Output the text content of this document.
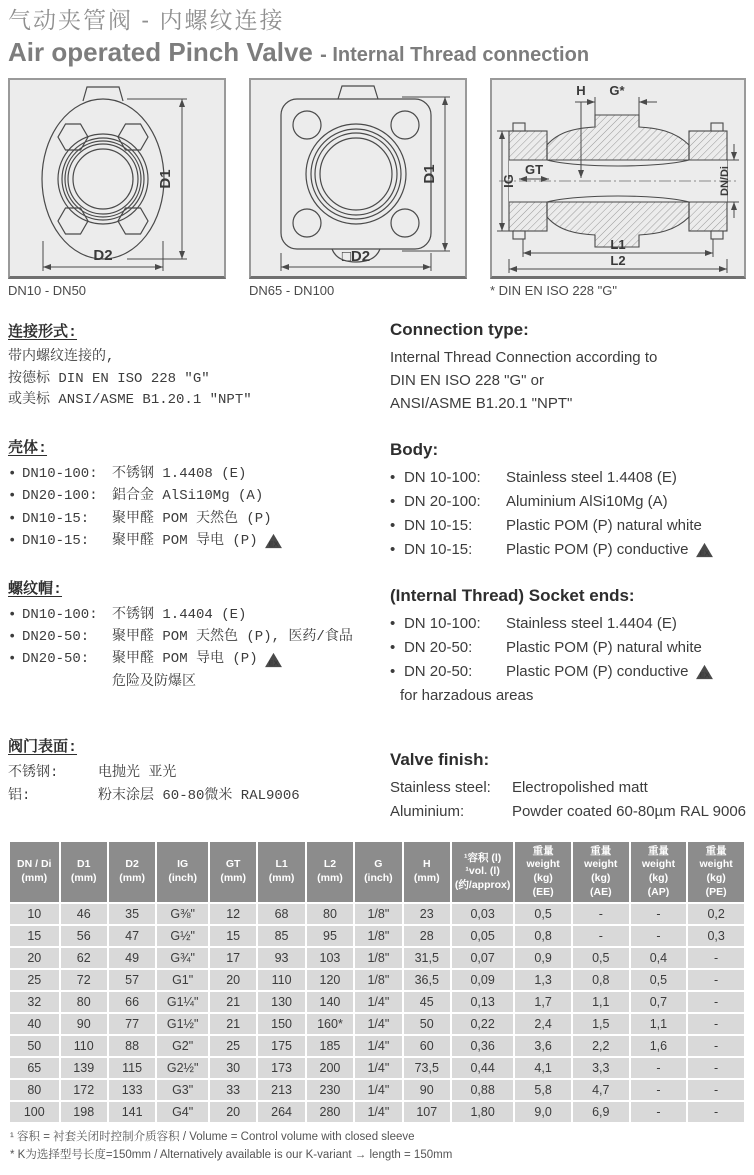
气动夹管阀 - 内螺纹连接
Air operated Pinch Valve - Internal Thread connection
D1
D2
DN10 - DN50
D1
□D2
DN65 - DN100
H G*
IG
GT	DN/Di
L1
L2
* DIN EN ISO 228 "G"
连接形式:
带内螺纹连接的,
按德标 DIN EN ISO 228 "G"
或美标 ANSI/ASME B1.20.1 "NPT"
壳体:
• DN10-100:	不锈钢 1.4408 (E)
• DN20-100:	鋁合金 AlSi10Mg (A)
• DN10-15:	聚甲醛 POM 天然色 (P)
• DN10-15:	聚甲醛 POM 导电 (P) EX
螺纹帽:
• DN10-100:	不锈钢 1.4404 (E)
• DN20-50:	聚甲醛 POM 天然色 (P), 医药/食品
• DN20-50:	聚甲醛 POM 导电 (P) EX
危险及防爆区
阀门表面:
不锈钢:	电抛光 亚光
铝:	粉末涂层 60-80微米 RAL9006
Connection type:
Internal Thread Connection according to
DIN EN ISO 228 "G" or
ANSI/ASME B1.20.1 "NPT"
Body:
• DN 10-100:	Stainless steel 1.4408 (E)
• DN 20-100:	Aluminium AlSi10Mg (A)
• DN 10-15:	Plastic POM (P) natural white
• DN 10-15:	Plastic POM (P) conductive EX
(Internal Thread) Socket ends:
• DN 10-100:	Stainless steel 1.4404 (E)
• DN 20-50:	Plastic POM (P) natural white
• DN 20-50:	Plastic POM (P) conductive EX
for harzadous areas
Valve finish:
Stainless steel:	Electropolished matt
Aluminium:	Powder coated 60-80µm RAL 9006
DN / Di
(mm)

D1
(mm)

D2
(mm)

IG
(inch)

GT
(mm)

L1
(mm)

L2
(mm)

G
(inch)

H
(mm)

¹容积 (l)
¹vol. (l)
(约/approx)

重量
weight (kg)
(EE)

重量
weight (kg)
(AE)

重量
weight (kg)
(AP)

重量
weight (kg)
(PE)

10	46	35	G⅜"	12	68	80	1/8"	23	0,03	0,5	-	-	0,2
15	56	47	G½"	15	85	95	1/8"	28	0,05	0,8	-	-	0,3
20	62	49	G¾"	17	93	103	1/8"	31,5	0,07	0,9	0,5	0,4	-
25	72	57	G1"	20	110	120	1/8"	36,5	0,09	1,3	0,8	0,5	-
32	80	66	G1¼"	21	130	140	1/4"	45	0,13	1,7	1,1	0,7	-
40	90	77	G1½"	21	150	160*	1/4"	50	0,22	2,4	1,5	1,1	-
50	110	88	G2"	25	175	185	1/4"	60	0,36	3,6	2,2	1,6	-
65	139	115	G2½"	30	173	200	1/4"	73,5	0,44	4,1	3,3	-	-
80	172	133	G3"	33	213	230	1/4"	90	0,88	5,8	4,7	-	-
100	198	141	G4"	20	264	280	1/4"	107	1,80	9,0	6,9	-	-
¹ 容积 = 衬套关闭时控制介质容积 / Volume = Control volume with closed sleeve
* K为选择型号长度=150mm / Alternatively available is our K-variant → length = 150mm
